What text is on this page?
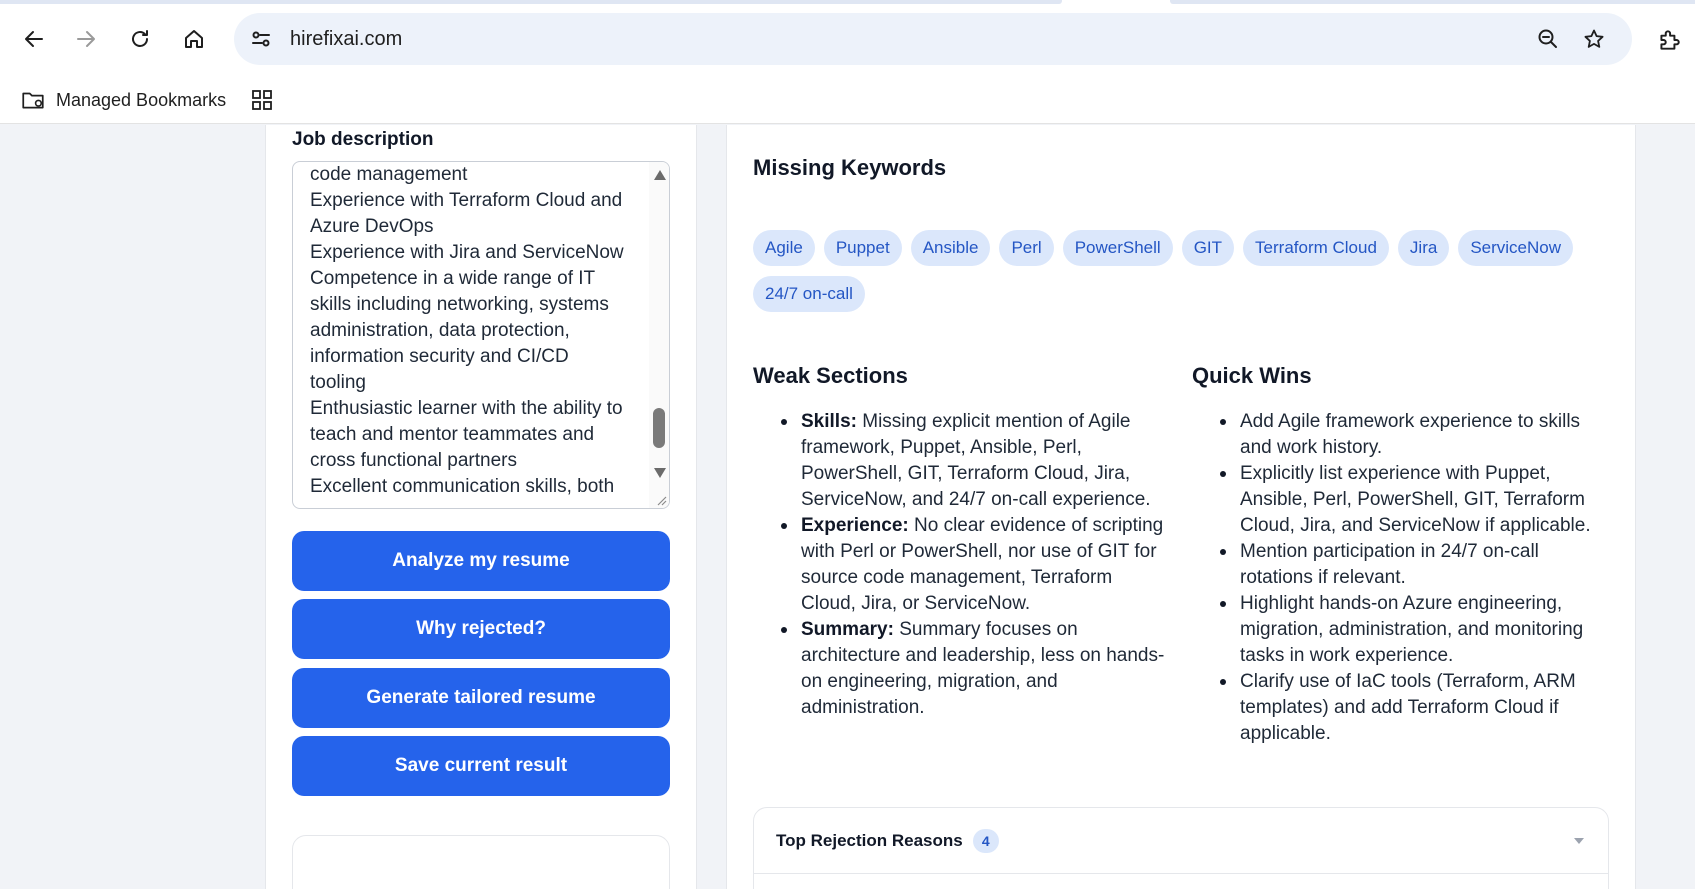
hirefixai.com
Managed Bookmarks
Job description
code management
Experience with Terraform Cloud and Azure DevOps
Experience with Jira and ServiceNow
Competence in a wide range of IT skills including networking, systems administration, data protection, information security and CI/CD tooling
Enthusiastic learner with the ability to teach and mentor teammates and cross functional partners
Excellent communication skills, both
Analyze my resume
Why rejected?
Generate tailored resume
Save current result
Missing Keywords
Agile	Puppet	Ansible	Perl	PowerShell	GIT	Terraform Cloud	Jira	ServiceNow
24/7 on-call
Weak Sections
Skills: Missing explicit mention of Agile framework, Puppet, Ansible, Perl, PowerShell, GIT, Terraform Cloud, Jira, ServiceNow, and 24/7 on-call experience.
Experience: No clear evidence of scripting with Perl or PowerShell, nor use of GIT for source code management, Terraform Cloud, Jira, or ServiceNow.
Summary: Summary focuses on architecture and leadership, less on hands-on engineering, migration, and administration.
Quick Wins
Add Agile framework experience to skills and work history.
Explicitly list experience with Puppet, Ansible, Perl, PowerShell, GIT, Terraform Cloud, Jira, and ServiceNow if applicable.
Mention participation in 24/7 on-call rotations if relevant.
Highlight hands-on Azure engineering, migration, administration, and monitoring tasks in work experience.
Clarify use of IaC tools (Terraform, ARM templates) and add Terraform Cloud if applicable.
Top Rejection Reasons	4
